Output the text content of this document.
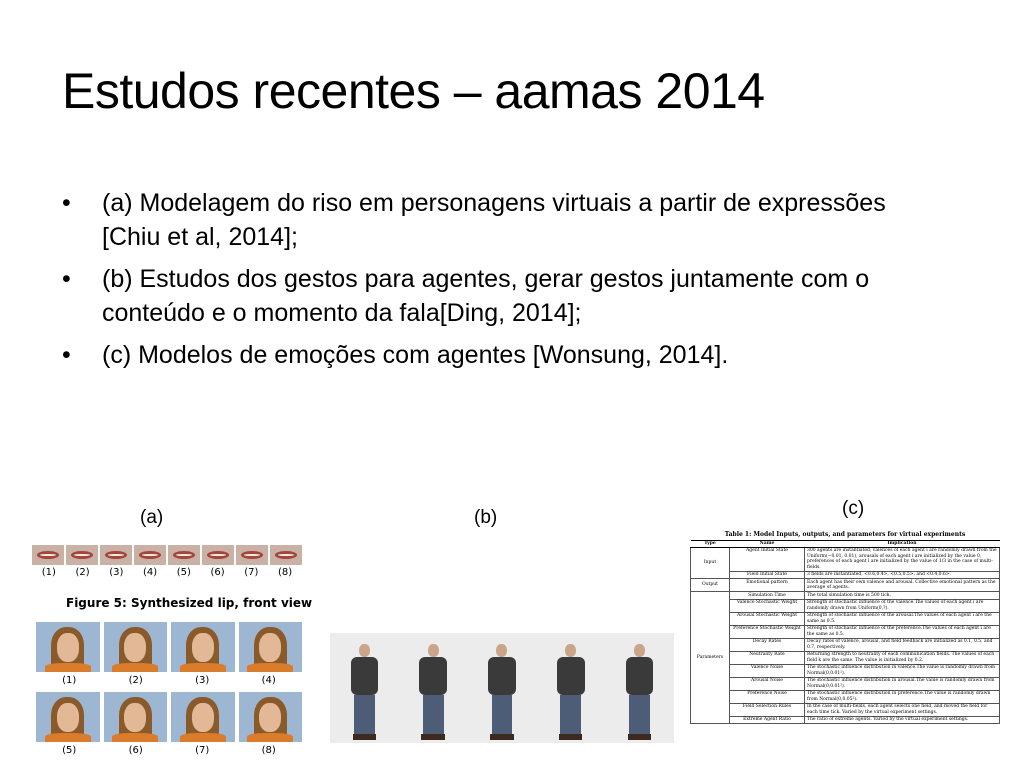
Estudos recentes – aamas 2014
• (a) Modelagem do riso em personagens virtuais a partir de expressões [Chiu et al, 2014];
• (b) Estudos dos gestos para agentes, gerar gestos juntamente com o conteúdo e o momento da fala[Ding, 2014];
• (c) Modelos de emoções com agentes [Wonsung, 2014].
(a)
(1)	(2)	(3)	(4)	(5)	(6)	(7)	(8)
Figure 5: Synthesized lip, front view
(1)	(2)	(3)	(4)
(5)	(6)	(7)	(8)
(b)	(c)
Table 1: Model Inputs, outputs, and parameters for virtual experiments
Type	Name	Implication
Input	Agent Initial State	300 agents are instantiated, valences of each agent i are randomly drawn from the Uniform(−0.01, 0.01), arousals of each agent i are initialized by the value 0, preferences of each agent i are initialized by the value of 1/3 in the case of multi-fields.
	Field Initial State	3 fields are instantiated, <0.6,0.4>, <0.5,0.5>, and <0.4,0.6>.
Output	Emotional pattern	Each agent has their own valence and arousal. Collective emotional pattern as the average of agents.
Parameters	Simulation Time	The total simulation time is 500 tick.
	Valence Stochastic Weight	Strength of stochastic influence of the valence.The values of each agent i are randomly drawn from Uniform(0,?).
	Arousal Stochastic Weight	Strength of stochastic influence of the arousal.The values of each agent i are the same as 0.5.
	Preference Stochastic Weight	Strength of stochastic influence of the preference.The values of each agent i are the same as 0.5.
	Decay Rates	Decay rates of valence, arousal, and field feedback are initialized as 0.1, 0.5, and 0.7, respectively.
	Neutrality Rate	Returning strength to neutrality of each communication fields. The values of each field k are the same. The value is initialized by 0.2.
	Valence Noise	The stochastic influence distribution in valence.The value is randomly drawn from Normal(0,0.01²).
	Arousal Noise	The stochastic influence distribution in arousal.The value is randomly drawn from Normal(0,0.01²).
	Preference Noise	The stochastic influence distribution in preference.The value is randomly drawn from Normal(0,0.05²).
	Field Selection Rules	In the case of multi-fields, each agent selects one field, and moved the field for each time tick. Varied by the virtual experiment settings.
	Extreme Agent Ratio	The ratio of extreme agents. Varied by the virtual experiment settings.
